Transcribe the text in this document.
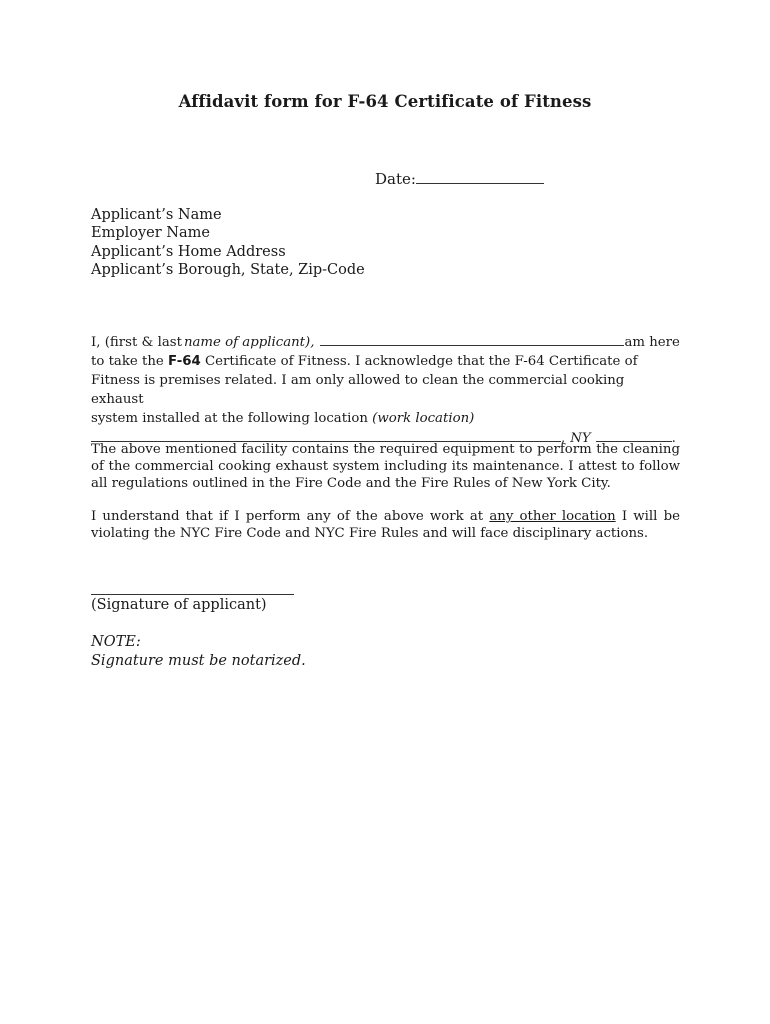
Affidavit form for F-64 Certificate of Fitness
Date:
Applicant’s Name
Employer Name
Applicant’s Home Address
Applicant’s Borough, State, Zip-Code
I, (first & last name of applicant),	am here
to take the F-64 Certificate of Fitness. I acknowledge that the F-64 Certificate of
Fitness is premises related. I am only allowed to clean the commercial cooking exhaust
system installed at the following location (work location)
, NY	.
The above mentioned facility contains the required equipment to perform the cleaning of the commercial cooking exhaust system including its maintenance. I attest to follow all regulations outlined in the Fire Code and the Fire Rules of New York City.
I understand that if I perform any of the above work at any other location I will be violating the NYC Fire Code and NYC Fire Rules and will face disciplinary actions.
(Signature of applicant)
NOTE:
Signature must be notarized.
